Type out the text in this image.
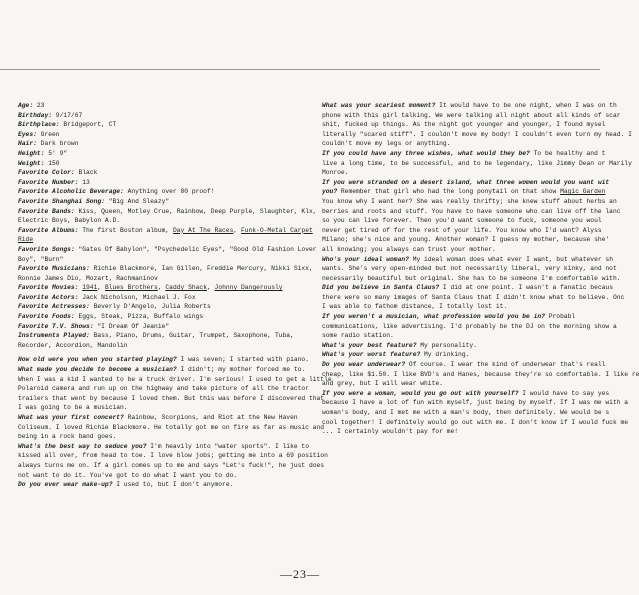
Age: 23
Birthday: 9/17/67
Birthplace: Bridgeport, CT
Eyes: Green
Hair: Dark brown
Height: 5' 9"
Weight: 150
Favorite Color: Black
Favorite Number: 13
Favorite Alcoholic Beverage: Anything over 80 proof!
Favorite Shanghai Song: "Big And Sleazy"
Favorite Bands: Kiss, Queen, Motley Crue, Rainbow, Deep Purple, Slaughter, Klx,
Electric Boys, Babylon A.D.
Favorite Albums: The first Boston album, Day At The Races, Funk-O-Metal Carpet
Ride
Favorite Songs: "Gates Of Babylon", "Psychedelic Eyes", "Good Old Fashion Lover
Boy", "Burn"
Favorite Musicians: Richie Blackmore, Ian Gillen, Freddie Mercury, Nikki Sixx,
Ronnie James Dio, Mozart, Rachmaninov
Favorite Movies: 1941, Blues Brothers, Caddy Shack, Johnny Dangerously
Favorite Actors: Jack Nicholson, Michael J. Fox
Favorite Actresses: Beverly D'Angelo, Julia Roberts
Favorite Foods: Eggs, Steak, Pizza, Buffalo wings
Favorite T.V. Shows: "I Dream Of Jeanie"
Instruments Played: Bass, Piano, Drums, Guitar, Trumpet, Saxophone, Tuba,
Recorder, Accordion, Mandolin
How old were you when you started playing? I was seven; I started with piano.
What made you decide to become a musician? I didn't; my mother forced me to.
When I was a kid I wanted to be a truck driver. I'm serious! I used to get a little
Polaroid camera and run up on the highway and take picture of all the tractor
trailers that went by because I loved them. But this was before I discovered that
I was going to be a musician.
What was your first concert? Rainbow, Scorpions, and Riot at the New Haven
Coliseum. I loved Richie Blackmore. He totally got me on fire as far as music and
being in a rock band goes.
What's the best way to seduce you? I'm heavily into "water sports". I like to
kissed all over, from head to toe. I love blow jobs; getting me into a 69 position
always turns me on. If a girl comes up to me and says "Let's fuck!", he just does
not want to do it. You've got to do what I want you to do.
Do you ever wear make-up? I used to, but I don't anymore.
What was your scariest moment? It would have to be one night, when I was on th
phone with this girl talking. We were talking all night about all kinds of scar
shit, fucked up things. As the night got younger and younger, I found mysel
literally "scared stiff". I couldn't move my body! I couldn't even turn my head. I
couldn't move my legs or anything.
If you could have any three wishes, what would they be? To be healthy and t
live a long time, to be successful, and to be legendary, like Jimmy Dean or Marily
Monroe.
If you were stranded on a desert island, what three women would you want wit
you? Remember that girl who had the long ponytail on that show Magic Garden
You know why I want her? She was really thrifty; she knew stuff about herbs an
berries and roots and stuff. You have to have someone who can live off the lanc
so you can live forever. Then you'd want someone to fuck, someone you woul
never get tired of for the rest of your life. You know who I'd want? Alyss
Milano; she's nice and young. Another woman? I guess my mother, because she'
all knowing; you always can trust your mother.
Who's your ideal woman? My ideal woman does what ever I want, but whatever sh
wants. She's very open-minded but not necessarily liberal, very kinky, and not
necessarily beautiful but original. She has to be someone I'm comfortable with.
Did you believe in Santa Claus? I did at one point. I wasn't a fanatic becaus
there were so many images of Santa Claus that I didn't know what to believe. Onc
I was able to fathom distance, I totally lost it.
If you weren't a musician, what profession would you be in? Probabl
communications, like advertising. I'd probably be the DJ on the morning show a
some radio station.
What's your best feature? My personality.
What's your worst feature? My drinking.
Do you wear underwear? Of course. I wear the kind of underwear that's reall
cheap, like $1.50. I like BVD's and Hanes, because they're so comfortable. I like re
and grey, but I will wear white.
If you were a woman, would you go out with yourself? I would have to say yes
because I have a lot of fun with myself, just being by myself. If I was me with a
woman's body, and I met me with a man's body, then definitely. We would be s
cool together! I definitely would go out with me. I don't know if I would fuck me
... I certainly wouldn't pay for me!
—23—
